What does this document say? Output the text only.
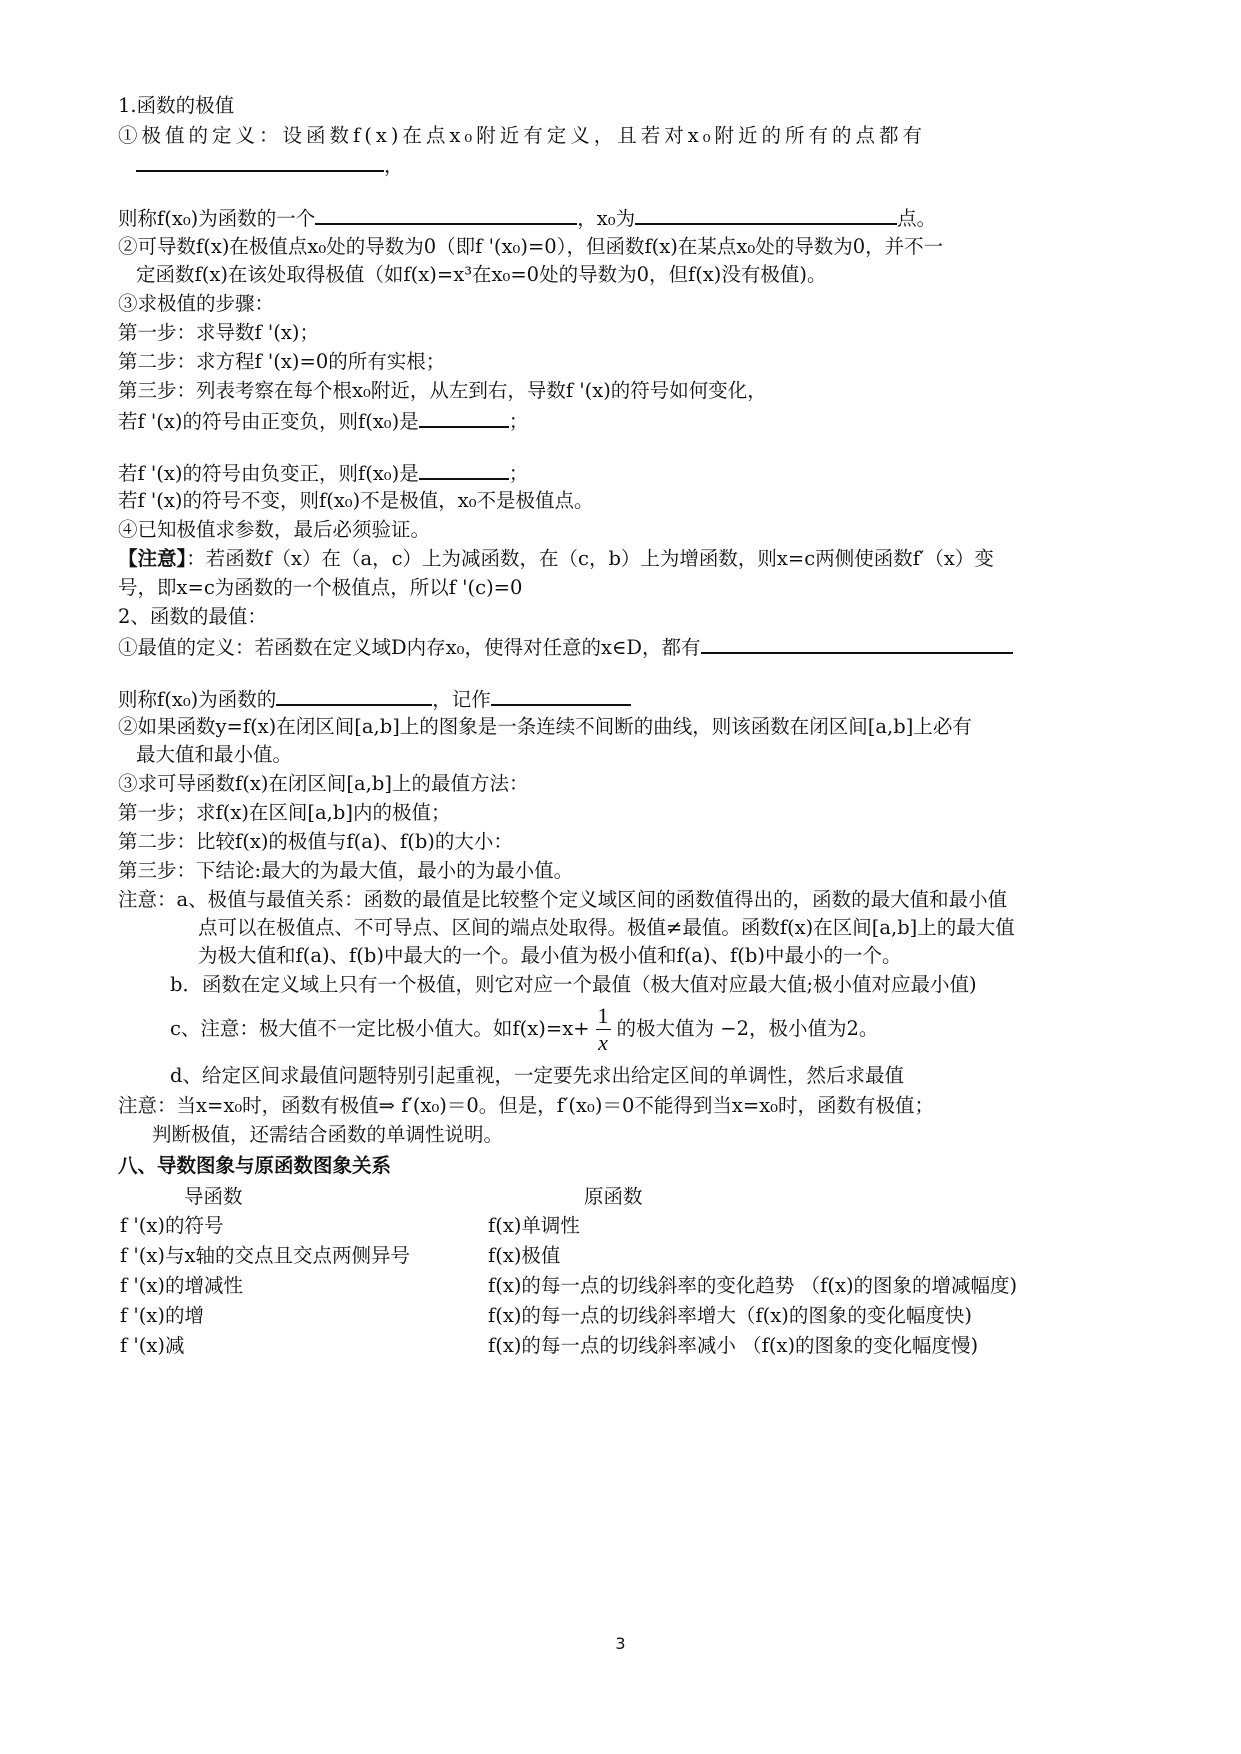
1.函数的极值
①极值的定义：设函数f(x)在点x₀附近有定义，且若对x₀附近的所有的点都有
，
则称f(x₀)为函数的一个	，x₀为	点。
②可导数f(x)在极值点x₀处的导数为0（即f '(x₀)=0），但函数f(x)在某点x₀处的导数为0，并不一
定函数f(x)在该处取得极值（如f(x)=x³在x₀=0处的导数为0，但f(x)没有极值)。
③求极值的步骤：
第一步：求导数f '(x)；
第二步：求方程f '(x)=0的所有实根；
第三步：列表考察在每个根x₀附近，从左到右，导数f '(x)的符号如何变化，
若f '(x)的符号由正变负，则f(x₀)是	；
若f '(x)的符号由负变正，则f(x₀)是	；
若f '(x)的符号不变，则f(x₀)不是极值，x₀不是极值点。
④已知极值求参数，最后必须验证。
【注意】：若函数f（x）在（a，c）上为减函数，在（c，b）上为增函数，则x=c两侧使函数f′（x）变
号，即x=c为函数的一个极值点，所以f '(c)=0
2、函数的最值：
①最值的定义：若函数在定义域D内存x₀，使得对任意的x∈D，都有
则称f(x₀)为函数的	，记作
②如果函数y=f(x)在闭区间[a,b]上的图象是一条连续不间断的曲线，则该函数在闭区间[a,b]上必有
最大值和最小值。
③求可导函数f(x)在闭区间[a,b]上的最值方法：
第一步；求f(x)在区间[a,b]内的极值；
第二步：比较f(x)的极值与f(a)、f(b)的大小：
第三步：下结论:最大的为最大值，最小的为最小值。
注意：a、极值与最值关系：函数的最值是比较整个定义域区间的函数值得出的，函数的最大值和最小值
点可以在极值点、不可导点、区间的端点处取得。极值≠最值。函数f(x)在区间[a,b]上的最大值
为极大值和f(a)、f(b)中最大的一个。最小值为极小值和f(a)、f(b)中最小的一个。
b．函数在定义域上只有一个极值，则它对应一个最值（极大值对应最大值;极小值对应最小值)
c、注意：极大值不一定比极小值大。如$f(x)=x+ \frac{1}{x}$ 的极大值为 −2，极小值为2。
d、给定区间求最值问题特别引起重视，一定要先求出给定区间的单调性，然后求最值
注意：当x=x₀时，函数有极值⇒ f′(x₀)＝0。但是，f′(x₀)＝0不能得到当x=x₀时，函数有极值；
判断极值，还需结合函数的单调性说明。
八、导数图象与原函数图象关系
导函数	原函数
f '(x)的符号	f(x)单调性
f '(x)与x轴的交点且交点两侧异号	f(x)极值
f '(x)的增减性	f(x)的每一点的切线斜率的变化趋势 （f(x)的图象的增减幅度)
f '(x)的增	f(x)的每一点的切线斜率增大（f(x)的图象的变化幅度快)
f '(x)减	f(x)的每一点的切线斜率减小 （f(x)的图象的变化幅度慢)
3
